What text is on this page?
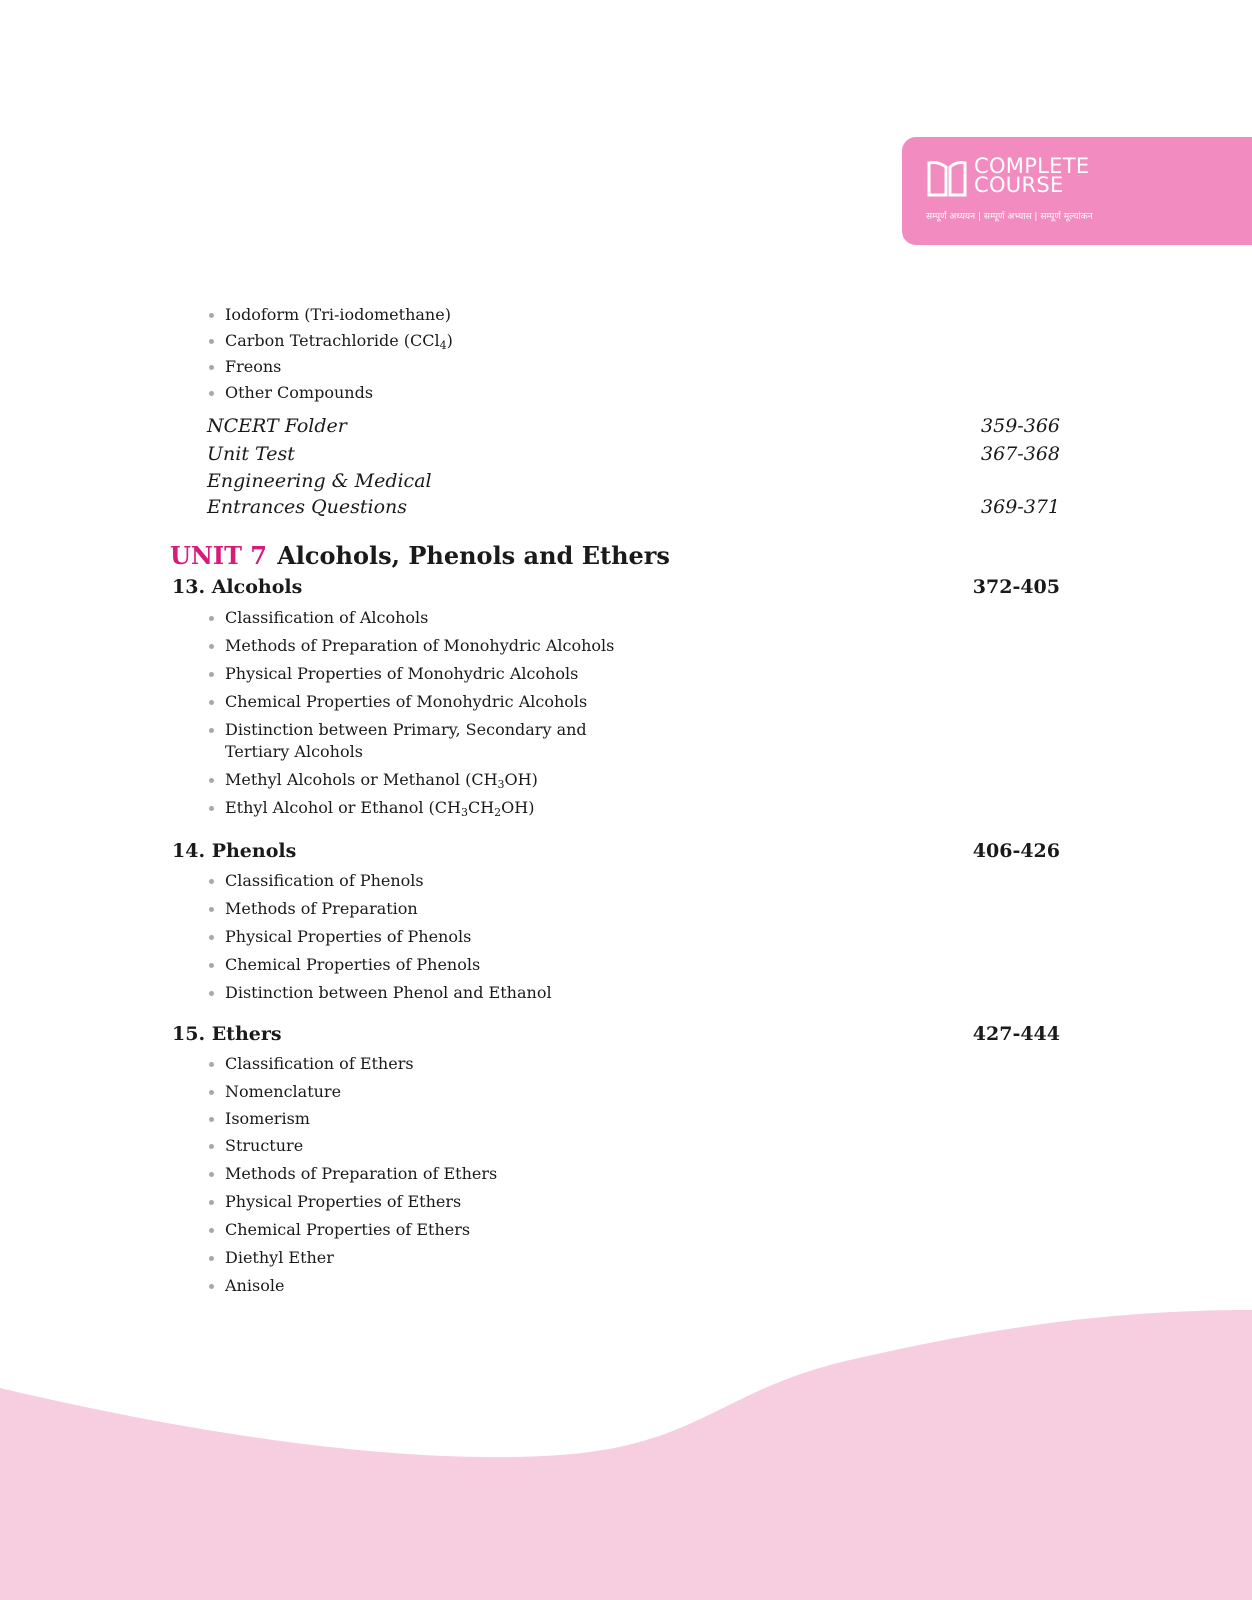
COMPLETE
COURSE
सम्पूर्ण अध्ययन | सम्पूर्ण अभ्यास | सम्पूर्ण मूल्यांकन
Iodoform (Tri-iodomethane)
Carbon Tetrachloride (CCl$_4$)
Freons
Other Compounds
NCERT Folder	359-366
Unit Test	367-368
Engineering & Medical
Entrances Questions	369-371
UNIT 7 Alcohols, Phenols and Ethers
13. Alcohols	372-405
Classification of Alcohols
Methods of Preparation of Monohydric Alcohols
Physical Properties of Monohydric Alcohols
Chemical Properties of Monohydric Alcohols
Distinction between Primary, Secondary and
Tertiary Alcohols
Methyl Alcohols or Methanol $(CH_3OH)$
Ethyl Alcohol or Ethanol $(CH_3CH_2OH)$
14. Phenols	406-426
Classification of Phenols
Methods of Preparation
Physical Properties of Phenols
Chemical Properties of Phenols
Distinction between Phenol and Ethanol
15. Ethers	427-444
Classification of Ethers
Nomenclature
Isomerism
Structure
Methods of Preparation of Ethers
Physical Properties of Ethers
Chemical Properties of Ethers
Diethyl Ether
Anisole
